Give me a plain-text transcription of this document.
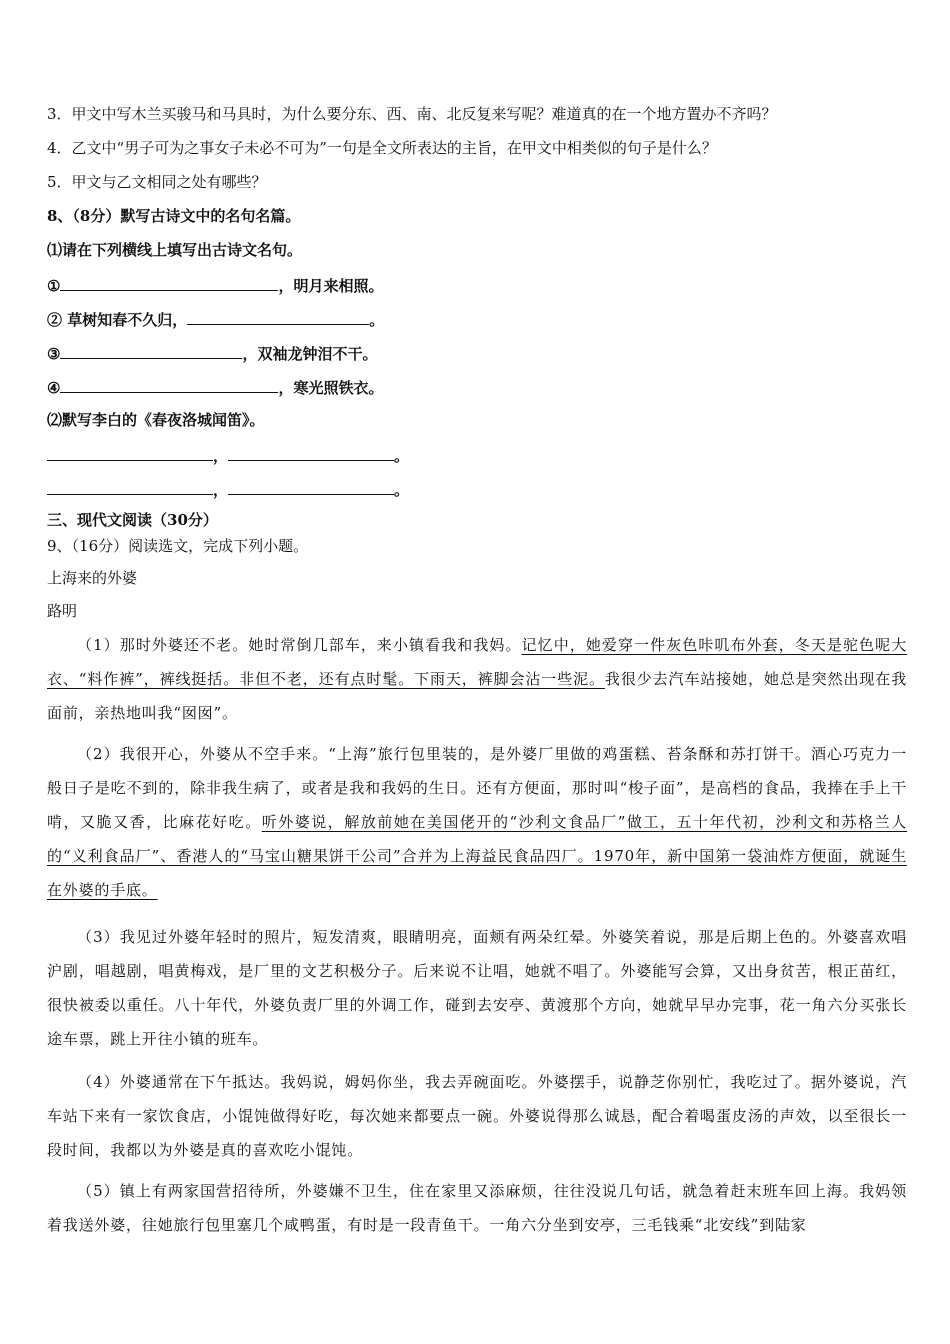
3．甲文中写木兰买骏马和马具时，为什么要分东、西、南、北反复来写呢？难道真的在一个地方置办不齐吗？
4．乙文中“男子可为之事女子未必不可为”一句是全文所表达的主旨，在甲文中相类似的句子是什么？
5．甲文与乙文相同之处有哪些？
8、（8分）默写古诗文中的名句名篇。
⑴请在下列横线上填写出古诗文名句。
①	，明月来相照。
② 草树知春不久归，	。
③	，双袖龙钟泪不干。
④	，寒光照铁衣。
⑵默写李白的《春夜洛城闻笛》。
，	。
，	。
三、现代文阅读（30分）
9、（16分）阅读选文，完成下列小题。
上海来的外婆
路明
（1）那时外婆还不老。她时常倒几部车，来小镇看我和我妈。记忆中，她爱穿一件灰色咔叽布外套，冬天是驼色呢大衣、“料作裤”，裤线挺括。非但不老，还有点时髦。下雨天，裤脚会沾一些泥。我很少去汽车站接她，她总是突然出现在我面前，亲热地叫我“囡囡”。
（2）我很开心，外婆从不空手来。“上海”旅行包里装的，是外婆厂里做的鸡蛋糕、苔条酥和苏打饼干。酒心巧克力一般日子是吃不到的，除非我生病了，或者是我和我妈的生日。还有方便面，那时叫“梭子面”，是高档的食品，我捧在手上干啃，又脆又香，比麻花好吃。听外婆说，解放前她在美国佬开的“沙利文食品厂”做工，五十年代初，沙利文和苏格兰人的“义利食品厂”、香港人的“马宝山糖果饼干公司”合并为上海益民食品四厂。1970年，新中国第一袋油炸方便面，就诞生在外婆的手底。
（3）我见过外婆年轻时的照片，短发清爽，眼睛明亮，面颊有两朵红晕。外婆笑着说，那是后期上色的。外婆喜欢唱沪剧，唱越剧，唱黄梅戏，是厂里的文艺积极分子。后来说不让唱，她就不唱了。外婆能写会算，又出身贫苦，根正苗红，很快被委以重任。八十年代，外婆负责厂里的外调工作，碰到去安亭、黄渡那个方向，她就早早办完事，花一角六分买张长途车票，跳上开往小镇的班车。
（4）外婆通常在下午抵达。我妈说，姆妈你坐，我去弄碗面吃。外婆摆手，说静芝你别忙，我吃过了。据外婆说，汽车站下来有一家饮食店，小馄饨做得好吃，每次她来都要点一碗。外婆说得那么诚恳，配合着喝蛋皮汤的声效，以至很长一段时间，我都以为外婆是真的喜欢吃小馄饨。
（5）镇上有两家国营招待所，外婆嫌不卫生，住在家里又添麻烦，往往没说几句话，就急着赶末班车回上海。我妈领着我送外婆，往她旅行包里塞几个咸鸭蛋，有时是一段青鱼干。一角六分坐到安亭，三毛钱乘“北安线”到陆家
